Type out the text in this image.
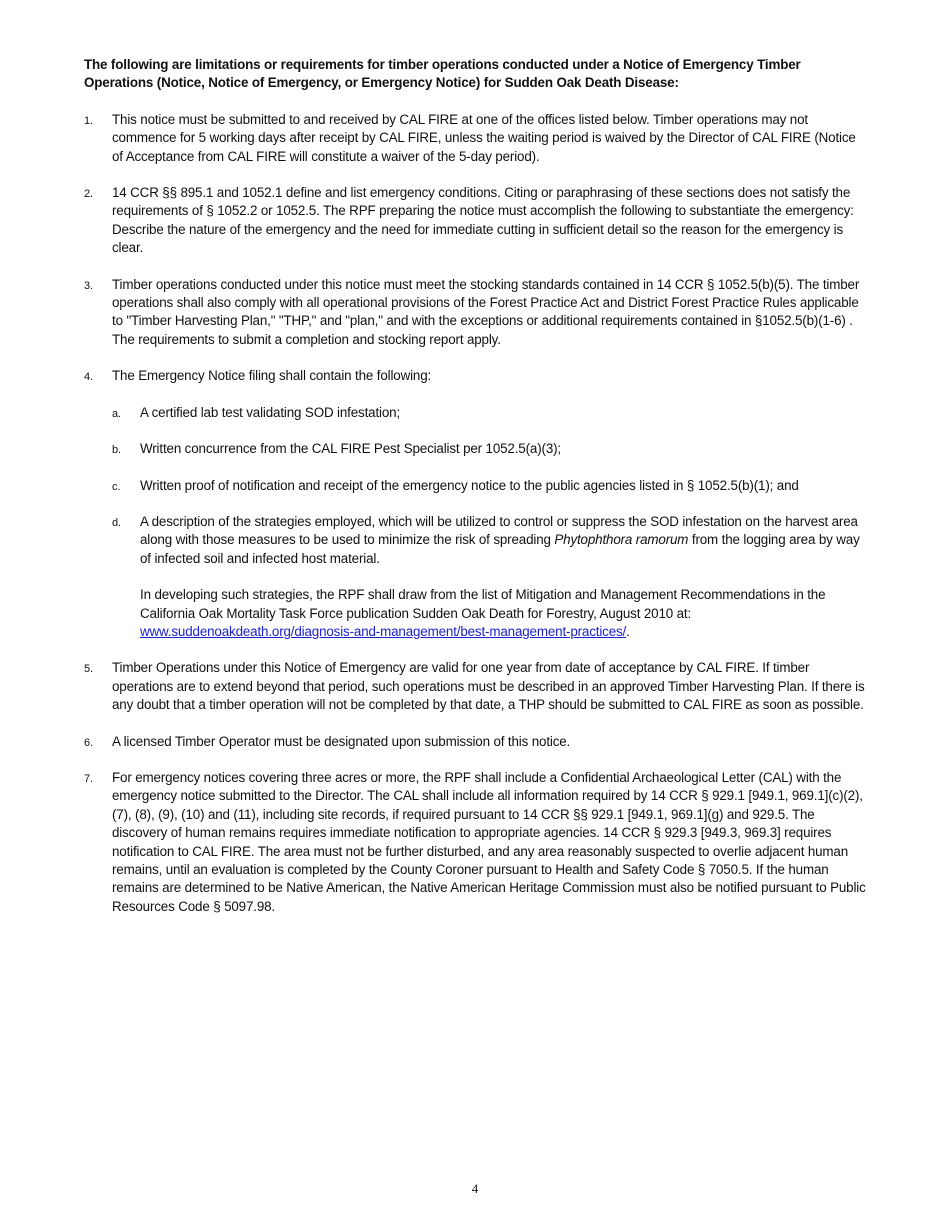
The following are limitations or requirements for timber operations conducted under a Notice of Emergency Timber Operations (Notice, Notice of Emergency, or Emergency Notice) for Sudden Oak Death Disease:

1. This notice must be submitted to and received by CAL FIRE at one of the offices listed below. Timber operations may not commence for 5 working days after receipt by CAL FIRE, unless the waiting period is waived by the Director of CAL FIRE (Notice of Acceptance from CAL FIRE will constitute a waiver of the 5-day period).
2. 14 CCR §§ 895.1 and 1052.1 define and list emergency conditions. Citing or paraphrasing of these sections does not satisfy the requirements of § 1052.2 or 1052.5. The RPF preparing the notice must accomplish the following to substantiate the emergency: Describe the nature of the emergency and the need for immediate cutting in sufficient detail so the reason for the emergency is clear.
3. Timber operations conducted under this notice must meet the stocking standards contained in 14 CCR § 1052.5(b)(5). The timber operations shall also comply with all operational provisions of the Forest Practice Act and District Forest Practice Rules applicable to "Timber Harvesting Plan," "THP," and "plan," and with the exceptions or additional requirements contained in §1052.5(b)(1-6) . The requirements to submit a completion and stocking report apply.
4. The Emergency Notice filing shall contain the following:
a. A certified lab test validating SOD infestation;
b. Written concurrence from the CAL FIRE Pest Specialist per 1052.5(a)(3);
c. Written proof of notification and receipt of the emergency notice to the public agencies listed in § 1052.5(b)(1); and
d. A description of the strategies employed, which will be utilized to control or suppress the SOD infestation on the harvest area along with those measures to be used to minimize the risk of spreading Phytophthora ramorum from the logging area by way of infected soil and infected host material.
In developing such strategies, the RPF shall draw from the list of Mitigation and Management Recommendations in the California Oak Mortality Task Force publication Sudden Oak Death for Forestry, August 2010 at:
www.suddenoakdeath.org/diagnosis-and-management/best-management-practices/.
5. Timber Operations under this Notice of Emergency are valid for one year from date of acceptance by CAL FIRE. If timber operations are to extend beyond that period, such operations must be described in an approved Timber Harvesting Plan. If there is any doubt that a timber operation will not be completed by that date, a THP should be submitted to CAL FIRE as soon as possible.
6. A licensed Timber Operator must be designated upon submission of this notice.
7. For emergency notices covering three acres or more, the RPF shall include a Confidential Archaeological Letter (CAL) with the emergency notice submitted to the Director. The CAL shall include all information required by 14 CCR § 929.1 [949.1, 969.1](c)(2), (7), (8), (9), (10) and (11), including site records, if required pursuant to 14 CCR §§ 929.1 [949.1, 969.1](g) and 929.5. The discovery of human remains requires immediate notification to appropriate agencies. 14 CCR § 929.3 [949.3, 969.3] requires notification to CAL FIRE. The area must not be further disturbed, and any area reasonably suspected to overlie adjacent human remains, until an evaluation is completed by the County Coroner pursuant to Health and Safety Code § 7050.5. If the human remains are determined to be Native American, the Native American Heritage Commission must also be notified pursuant to Public Resources Code § 5097.98.
4
